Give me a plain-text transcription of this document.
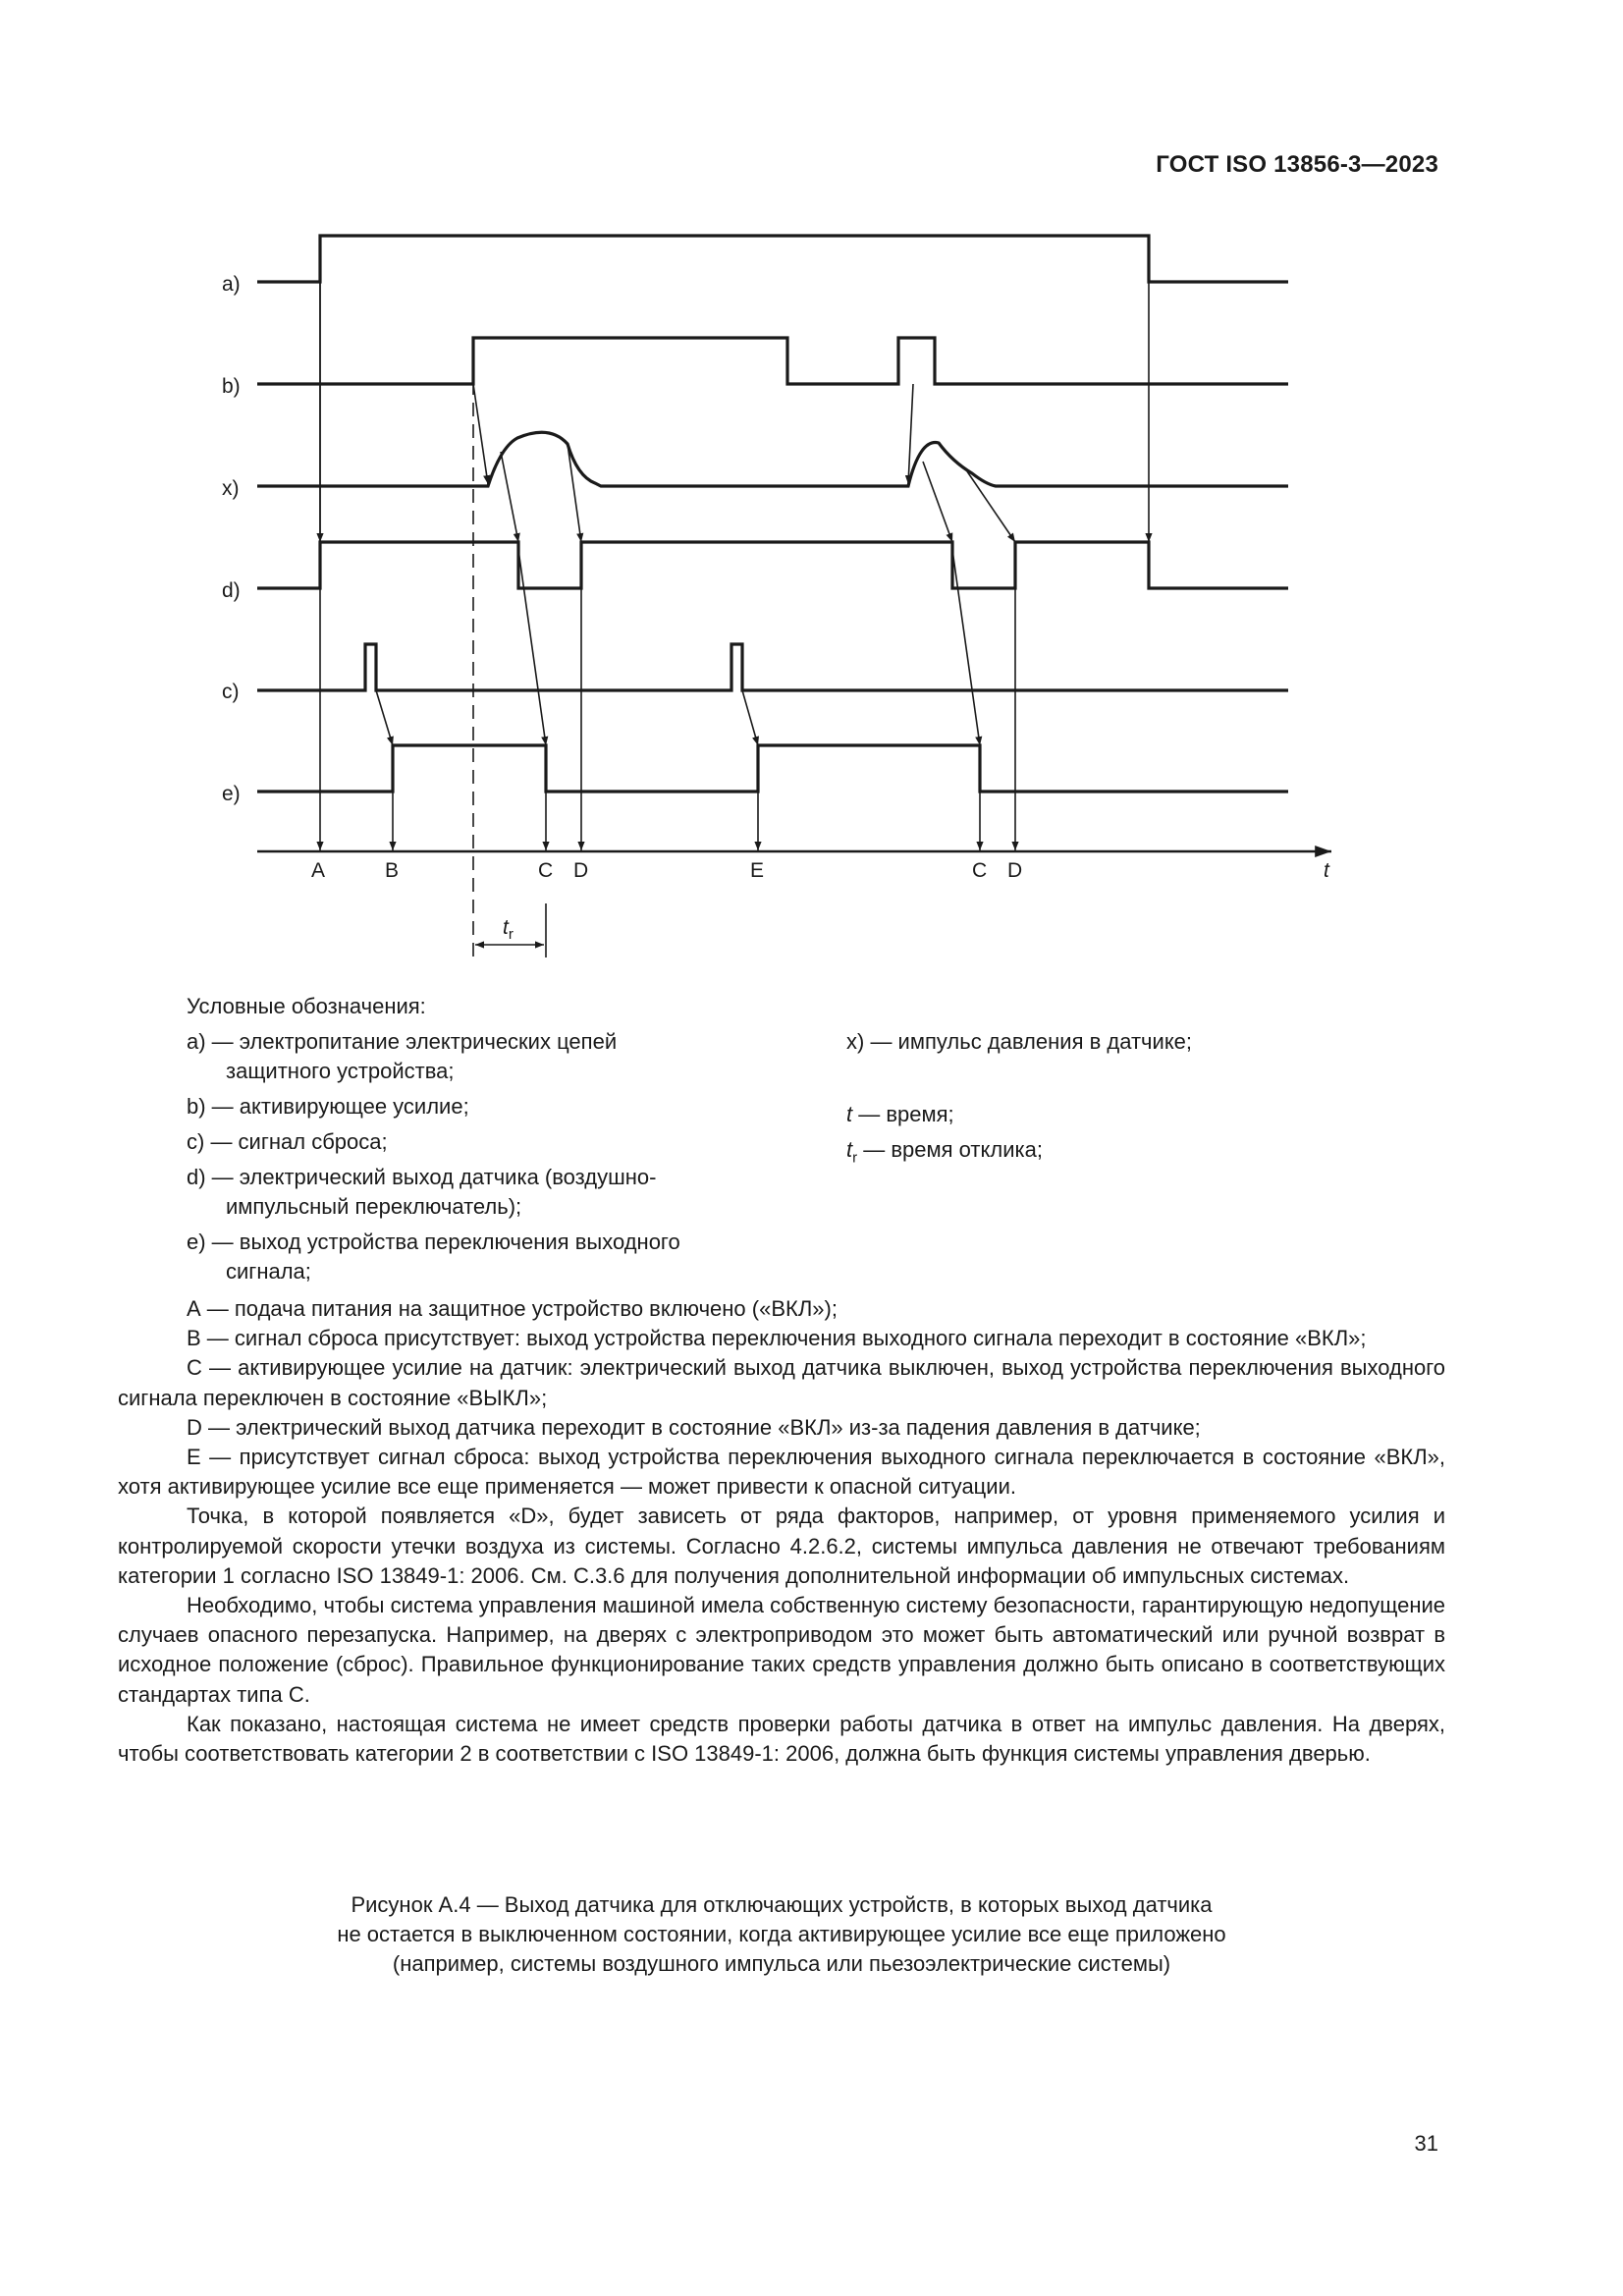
ГОСТ ISO 13856-3—2023
a)
b)
x)
d)
c)
e)
$t_r$
A	B	C D	E	C D	t
Условные обозначения:
а) — электропитание электрических цепей
защитного устройства;
b) — активирующее усилие;
с) — сигнал сброса;
d) — электрический выход датчика (воздушно-
импульсный переключатель);
е) — выход устройства переключения выходного
сигнала;
х) — импульс давления в датчике;
t — время;
$t_r$ — время отклика;

А — подача питания на защитное устройство включено («ВКЛ»);

В — сигнал сброса присутствует: выход устройства переключения выходного сигнала переходит в состояние «ВКЛ»;

С — активирующее усилие на датчик: электрический выход датчика выключен, выход устройства переключения выходного сигнала переключен в состояние «ВЫКЛ»;

D — электрический выход датчика переходит в состояние «ВКЛ» из-за падения давления в датчике;

Е — присутствует сигнал сброса: выход устройства переключения выходного сигнала переключается в состояние «ВКЛ», хотя активирующее усилие все еще применяется — может привести к опасной ситуации.

Точка, в которой появляется «D», будет зависеть от ряда факторов, например, от уровня применяемого усилия и контролируемой скорости утечки воздуха из системы. Согласно 4.2.6.2, системы импульса давления не отвечают требованиям категории 1 согласно ISO 13849-1: 2006. См. С.3.6 для получения дополнительной информации об импульсных системах.

Необходимо, чтобы система управления машиной имела собственную систему безопасности, гарантирующую недопущение случаев опасного перезапуска. Например, на дверях с электроприводом это может быть автоматический или ручной возврат в исходное положение (сброс). Правильное функционирование таких средств управления должно быть описано в соответствующих стандартах типа С.

Как показано, настоящая система не имеет средств проверки работы датчика в ответ на импульс давления. На дверях, чтобы соответствовать категории 2 в соответствии с ISO 13849-1: 2006, должна быть функция системы управления дверью.

Рисунок А.4 — Выход датчика для отключающих устройств, в которых выход датчика
не остается в выключенном состоянии, когда активирующее усилие все еще приложено
(например, системы воздушного импульса или пьезоэлектрические системы)
31
